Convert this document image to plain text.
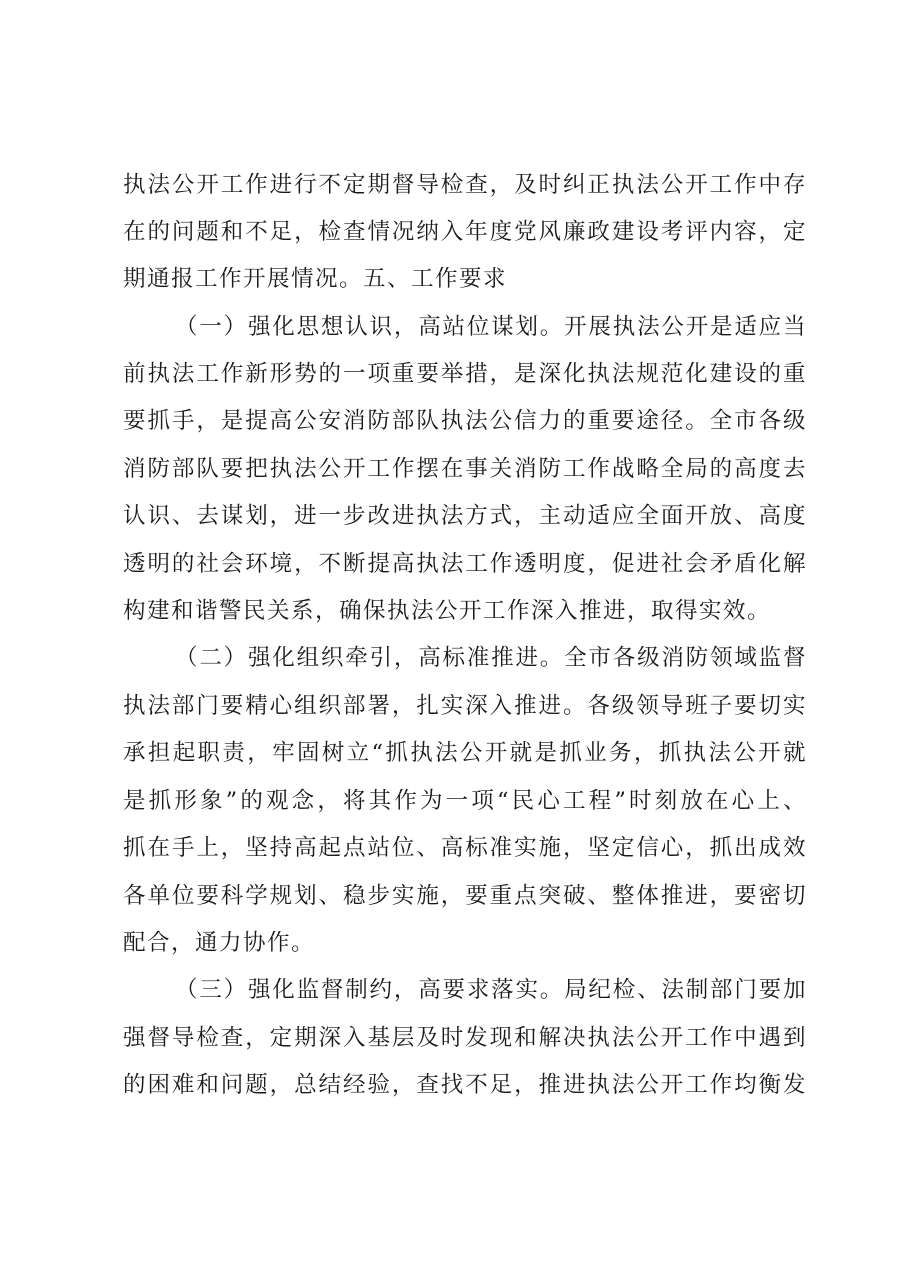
执法公开工作进行不定期督导检查，及时纠正执法公开工作中存
在的问题和不足，检查情况纳入年度党风廉政建设考评内容，定
期通报工作开展情况。五、工作要求
（一）强化思想认识，高站位谋划。开展执法公开是适应当
前执法工作新形势的一项重要举措，是深化执法规范化建设的重
要抓手，是提高公安消防部队执法公信力的重要途径。全市各级
消防部队要把执法公开工作摆在事关消防工作战略全局的高度去
认识、去谋划，进一步改进执法方式，主动适应全面开放、高度
透明的社会环境，不断提高执法工作透明度，促进社会矛盾化解
构建和谐警民关系，确保执法公开工作深入推进，取得实效。
（二）强化组织牵引，高标准推进。全市各级消防领域监督
执法部门要精心组织部署，扎实深入推进。各级领导班子要切实
承担起职责，牢固树立“抓执法公开就是抓业务，抓执法公开就
是抓形象”的观念，将其作为一项“民心工程”时刻放在心上、
抓在手上，坚持高起点站位、高标准实施，坚定信心，抓出成效
各单位要科学规划、稳步实施，要重点突破、整体推进，要密切
配合，通力协作。
（三）强化监督制约，高要求落实。局纪检、法制部门要加
强督导检查，定期深入基层及时发现和解决执法公开工作中遇到
的困难和问题，总结经验，查找不足，推进执法公开工作均衡发
